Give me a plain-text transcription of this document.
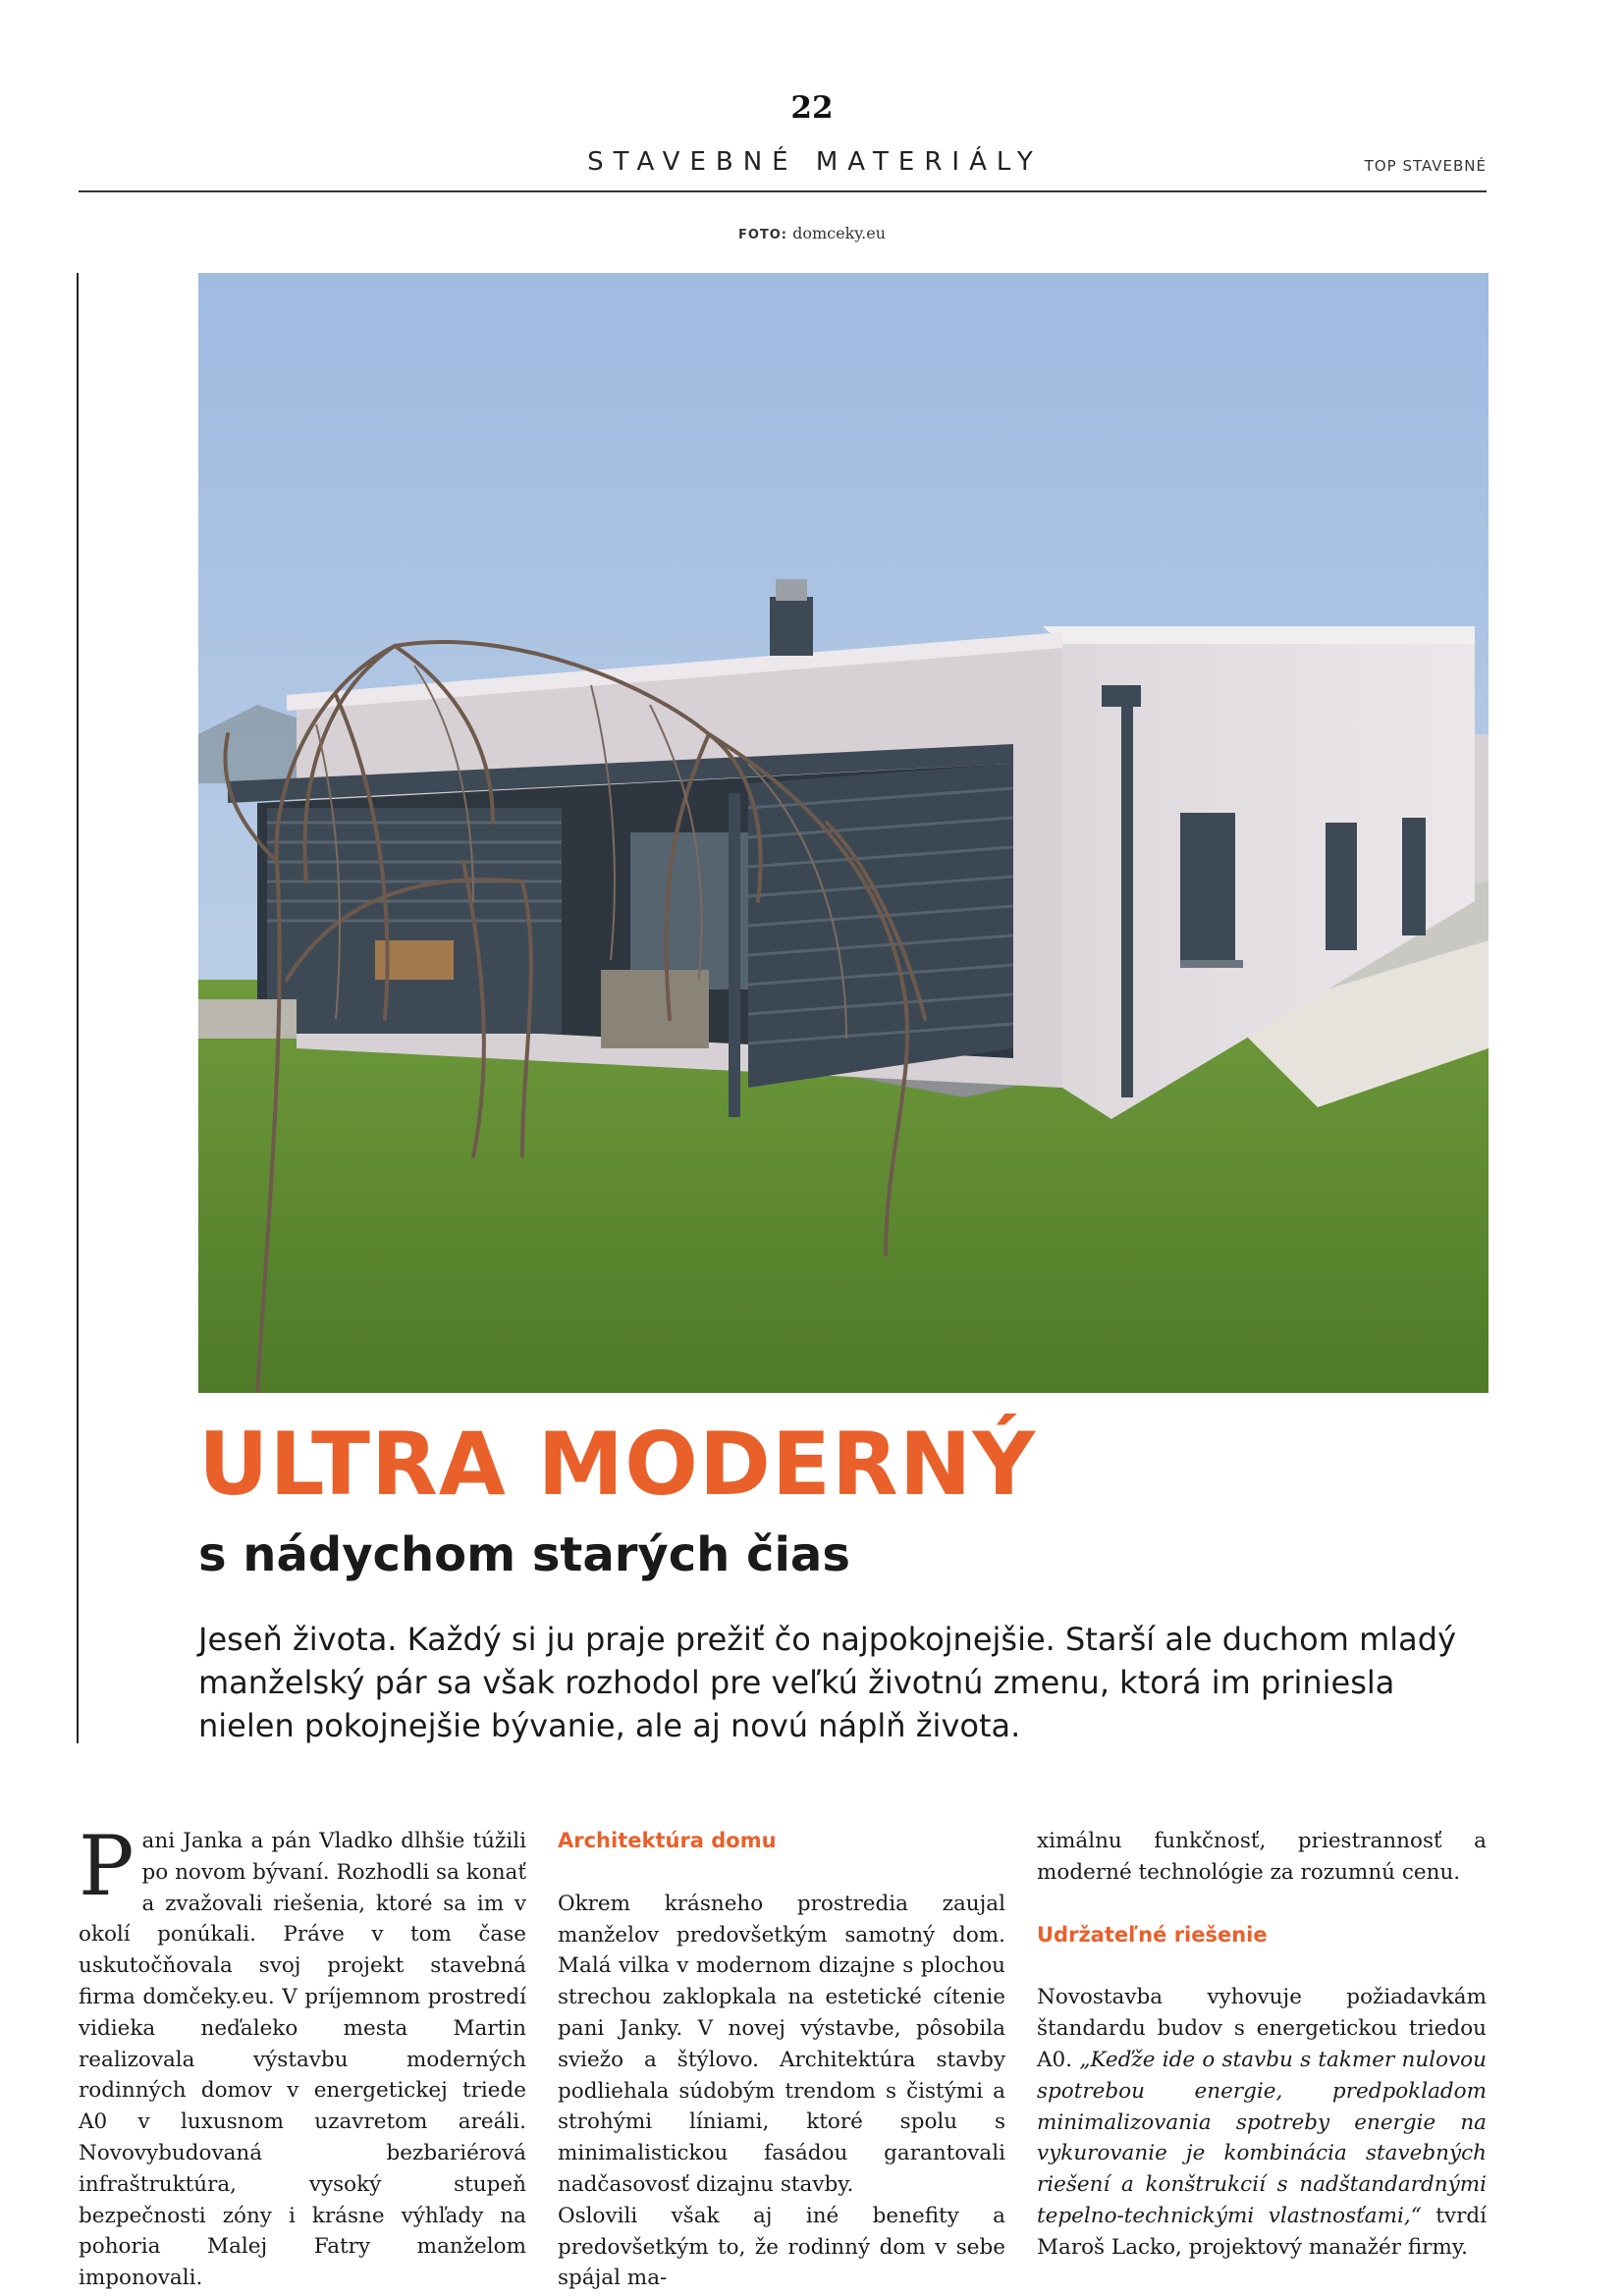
22
STAVEBNÉ MATERIÁLY	TOP STAVEBNÉ
FOTO: domceky.eu
ULTRA MODERNÝ
s nádychom starých čias
Jeseň života. Každý si ju praje prežiť čo najpokojnejšie. Starší ale duchom mladý manželský pár sa však rozhodol pre veľkú životnú zmenu, ktorá im priniesla nielen pokojnejšie bývanie, ale aj novú náplň života.

Pani Janka a pán Vladko dlhšie túžili po novom bývaní. Rozhodli sa konať a zvažovali riešenia, ktoré sa im v okolí ponúkali. Práve v tom čase uskutočňovala svoj projekt stavebná firma domčeky.eu. V príjemnom prostredí vidieka neďaleko mesta Martin realizovala výstavbu moderných rodinných domov v energetickej triede A0 v luxusnom uzavretom areáli. Novovybudovaná bezbariérová infraštruktúra, vysoký stupeň bezpečnosti zóny i krásne výhľady na pohoria Malej Fatry manželom imponovali.

Architektúra domu

Okrem krásneho prostredia zaujal manželov predovšetkým samotný dom. Malá vilka v modernom dizajne s plochou strechou zaklopkala na estetické cítenie pani Janky. V novej výstavbe, pôsobila sviežo a štýlovo. Architektúra stavby podliehala súdobým trendom s čistými a strohými líniami, ktoré spolu s minimalistickou fasádou garantovali nadčasovosť dizajnu stavby.

Oslovili však aj iné benefity a predovšetkým to, že rodinný dom v sebe spájal ma-

ximálnu funkčnosť, priestrannosť a moderné technológie za rozumnú cenu.

Udržateľné riešenie

Novostavba vyhovuje požiadavkám štandardu budov s energetickou triedou A0. „Keďže ide o stavbu s takmer nulovou spotrebou energie, predpokladom minimalizovania spotreby energie na vykurovanie je kombinácia stavebných riešení a konštrukcií s nadštandardnými tepelno-technickými vlastnosťami,“ tvrdí Maroš Lacko, projektový manažér firmy.
